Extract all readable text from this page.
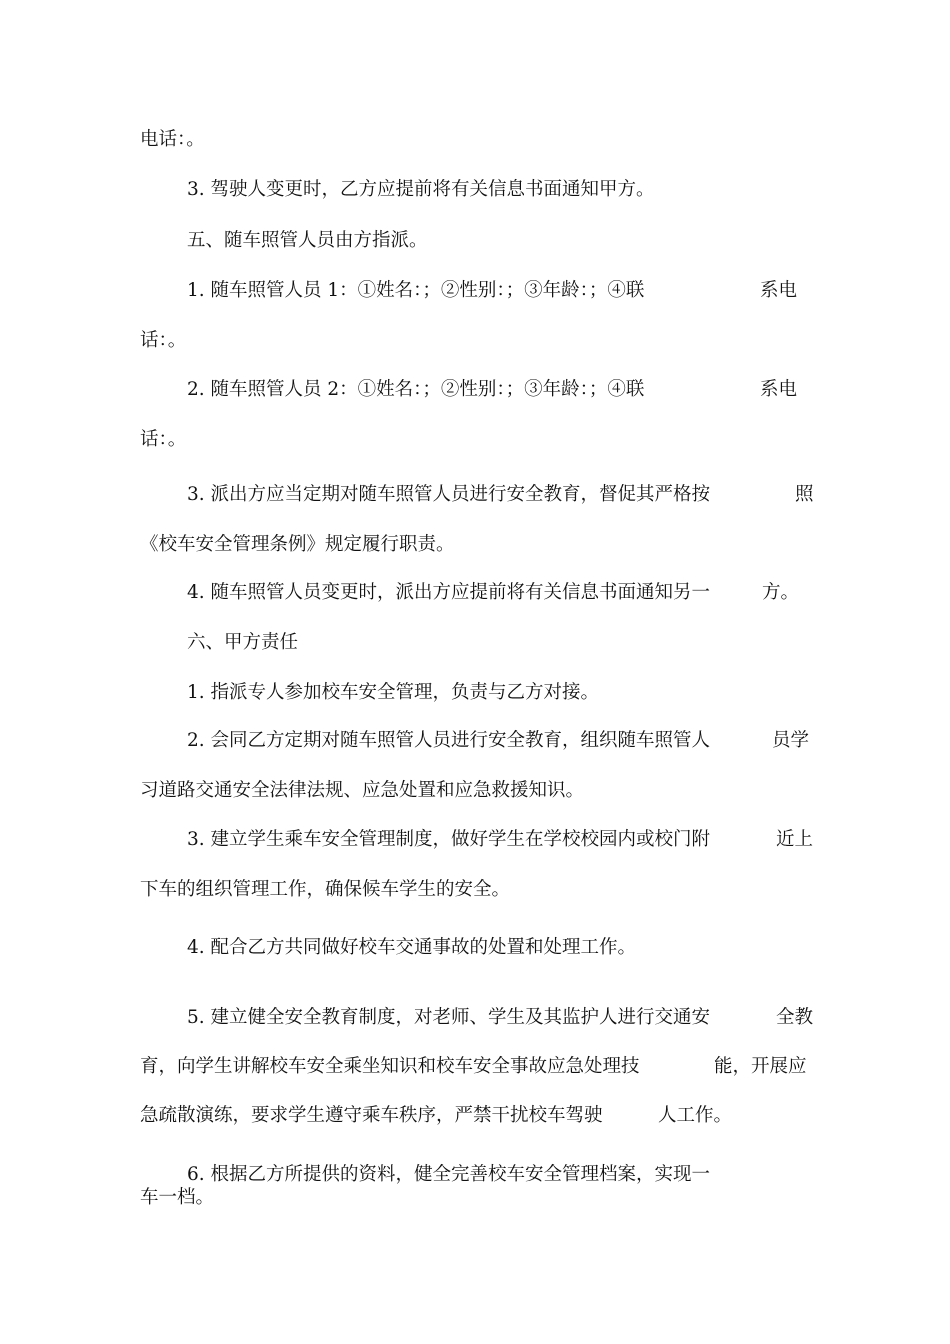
电话：。
3. 驾驶人变更时，乙方应提前将有关信息书面通知甲方。
五、随车照管人员由方指派。
1. 随车照管人员 1：①姓名：；②性别：；③年龄：；④联	系电
话：。
2. 随车照管人员 2：①姓名：；②性别：；③年龄：；④联	系电
话：。
3. 派出方应当定期对随车照管人员进行安全教育，督促其严格按	照
《校车安全管理条例》规定履行职责。
4. 随车照管人员变更时，派出方应提前将有关信息书面通知另一	方。
六、甲方责任
1. 指派专人参加校车安全管理，负责与乙方对接。
2. 会同乙方定期对随车照管人员进行安全教育，组织随车照管人	员学
习道路交通安全法律法规、应急处置和应急救援知识。
3. 建立学生乘车安全管理制度，做好学生在学校校园内或校门附	近上
下车的组织管理工作，确保候车学生的安全。
4. 配合乙方共同做好校车交通事故的处置和处理工作。
5. 建立健全安全教育制度，对老师、学生及其监护人进行交通安	全教
育，向学生讲解校车安全乘坐知识和校车安全事故应急处理技	能，开展应
急疏散演练，要求学生遵守乘车秩序，严禁干扰校车驾驶	人工作。
6. 根据乙方所提供的资料，健全完善校车安全管理档案，实现一
车一档。
